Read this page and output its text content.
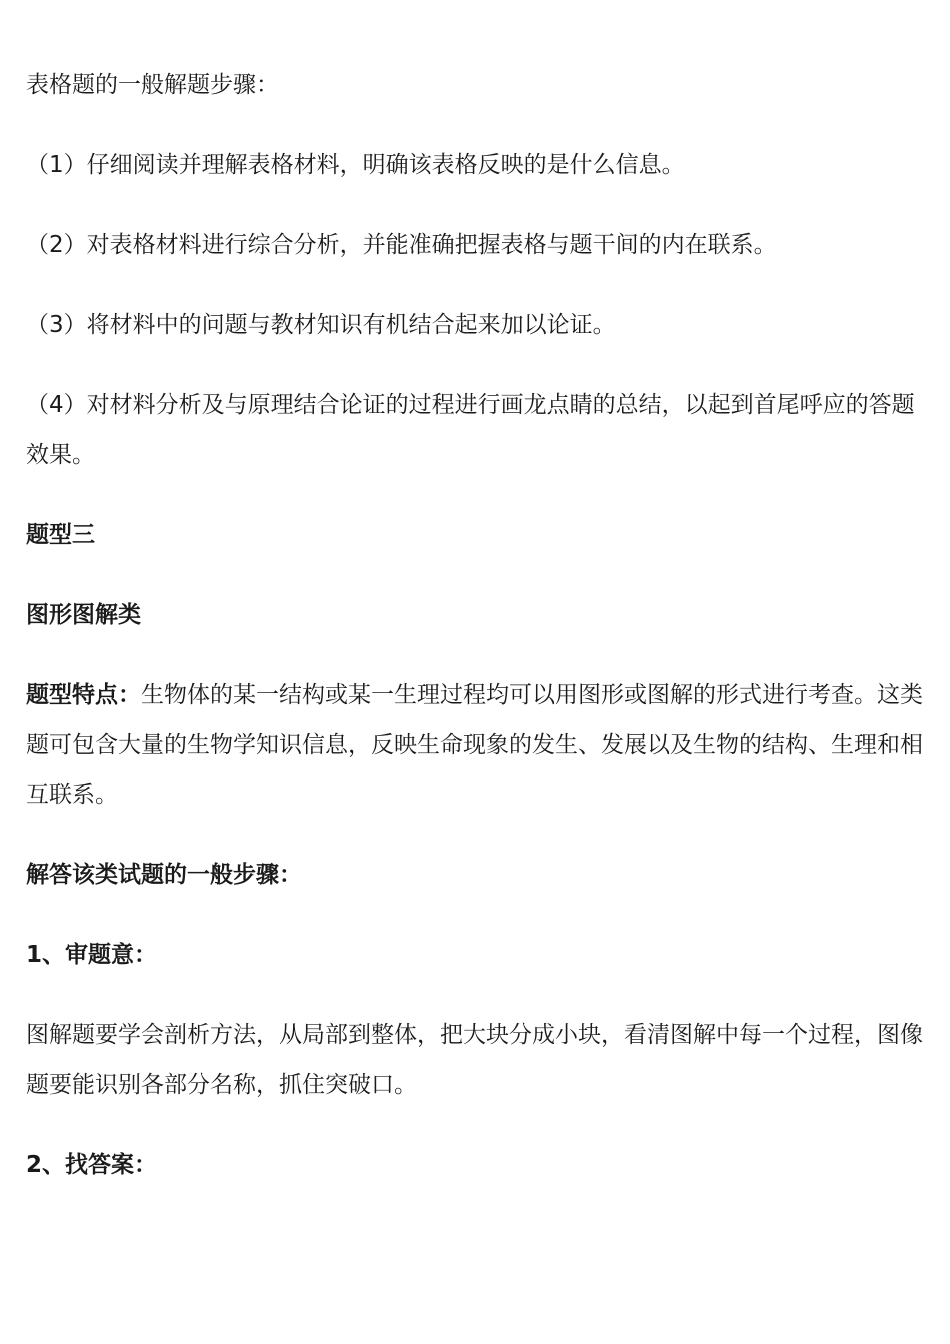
表格题的一般解题步骤：

（1）仔细阅读并理解表格材料，明确该表格反映的是什么信息。

（2）对表格材料进行综合分析，并能准确把握表格与题干间的内在联系。

（3）将材料中的问题与教材知识有机结合起来加以论证。

（4）对材料分析及与原理结合论证的过程进行画龙点睛的总结，以起到首尾呼应的答题效果。

题型三

图形图解类

题型特点：生物体的某一结构或某一生理过程均可以用图形或图解的形式进行考查。这类题可包含大量的生物学知识信息，反映生命现象的发生、发展以及生物的结构、生理和相互联系。

解答该类试题的一般步骤：

1、审题意：

图解题要学会剖析方法，从局部到整体，把大块分成小块，看清图解中每一个过程，图像题要能识别各部分名称，抓住突破口。

2、找答案：
